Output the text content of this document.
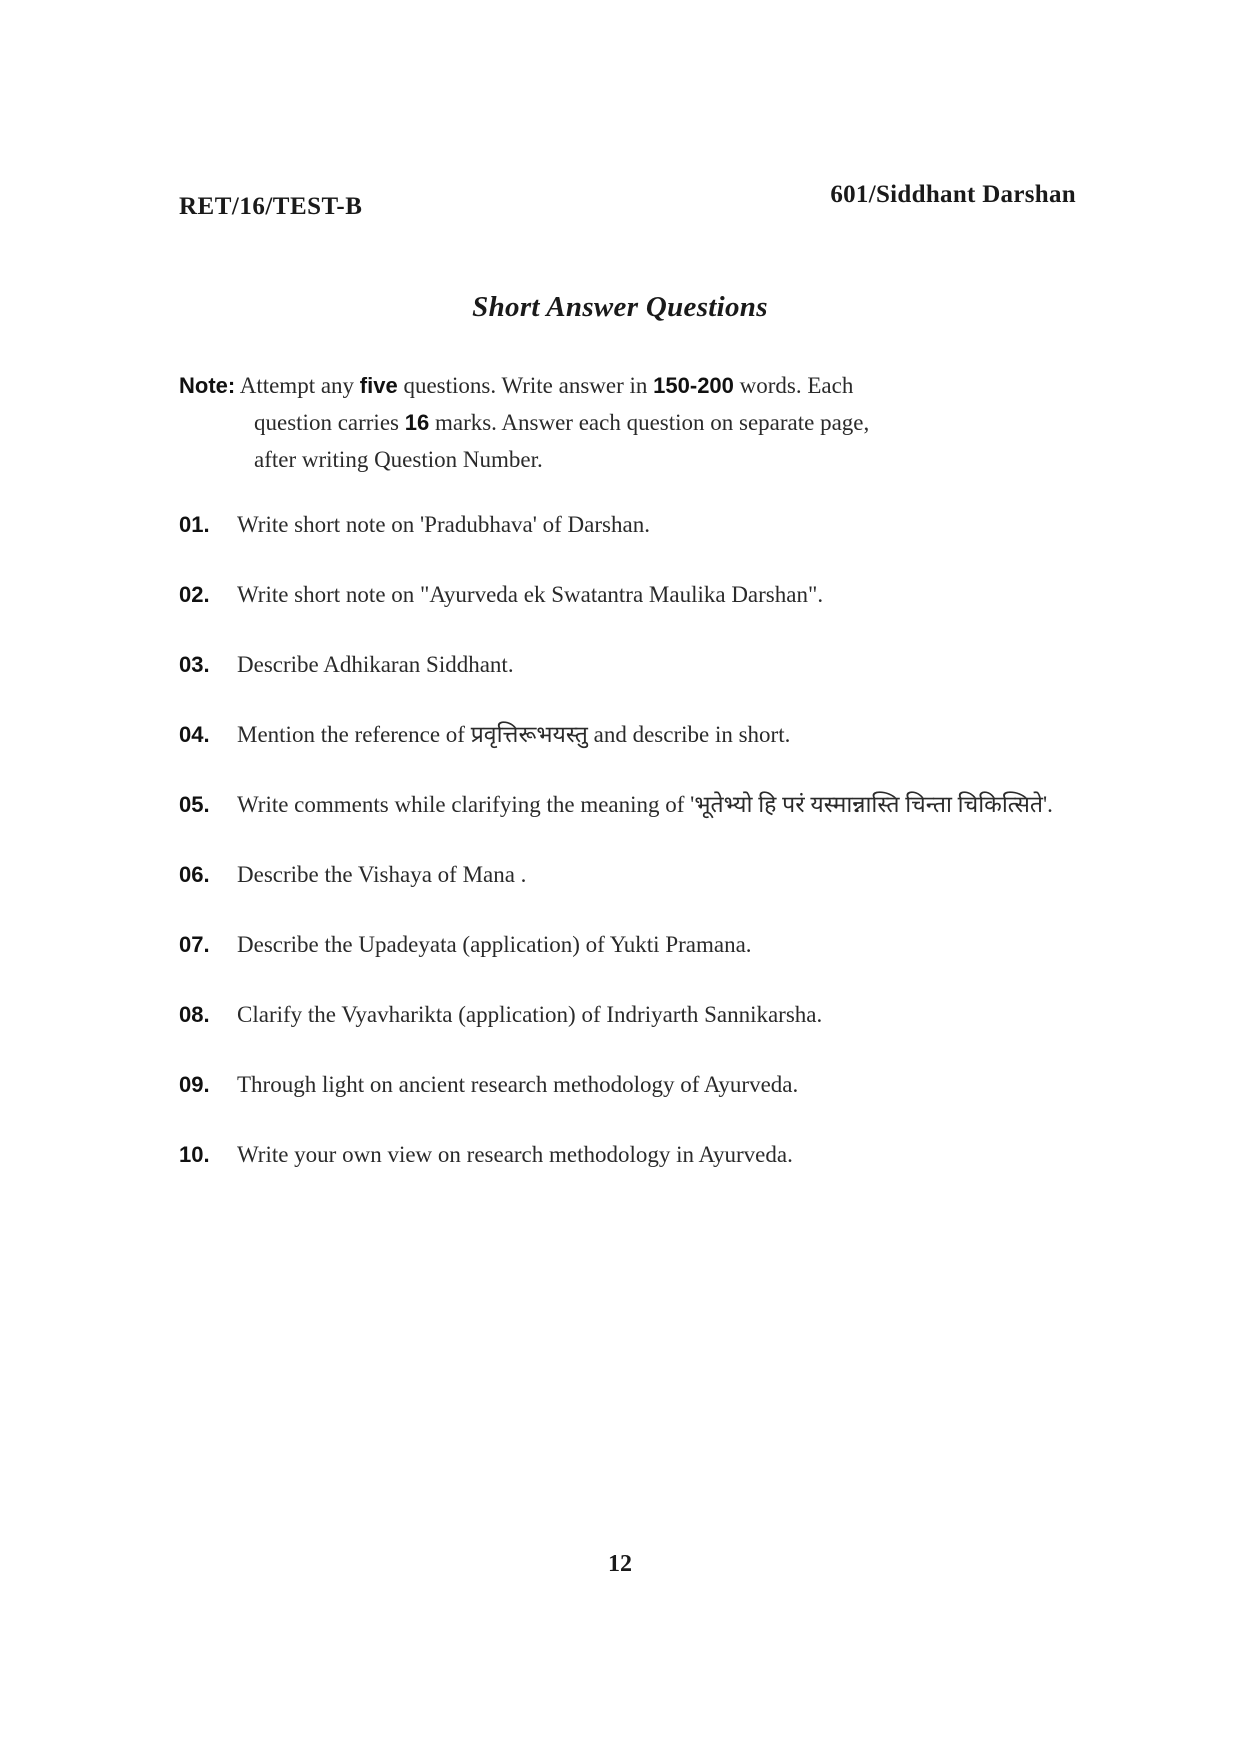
RET/16/TEST-B	601/Siddhant Darshan
Short Answer Questions
Note: Attempt any five questions. Write answer in 150-200 words. Each
question carries 16 marks. Answer each question on separate page,
after writing Question Number.
01.	Write short note on 'Pradubhava' of Darshan.
02.	Write short note on "Ayurveda ek Swatantra Maulika Darshan".
03.	Describe Adhikaran Siddhant.
04.	Mention the reference of प्रवृत्तिरूभयस्तु and describe in short.
05.	Write comments while clarifying the meaning of 'भूतेभ्यो हि परं यस्मान्नास्ति चिन्ता चिकित्सिते'.
06.	Describe the Vishaya of Mana .
07.	Describe the Upadeyata (application) of Yukti Pramana.
08.	Clarify the Vyavharikta (application) of Indriyarth Sannikarsha.
09.	Through light on ancient research methodology of Ayurveda.
10.	Write your own view on research methodology in Ayurveda.
12
